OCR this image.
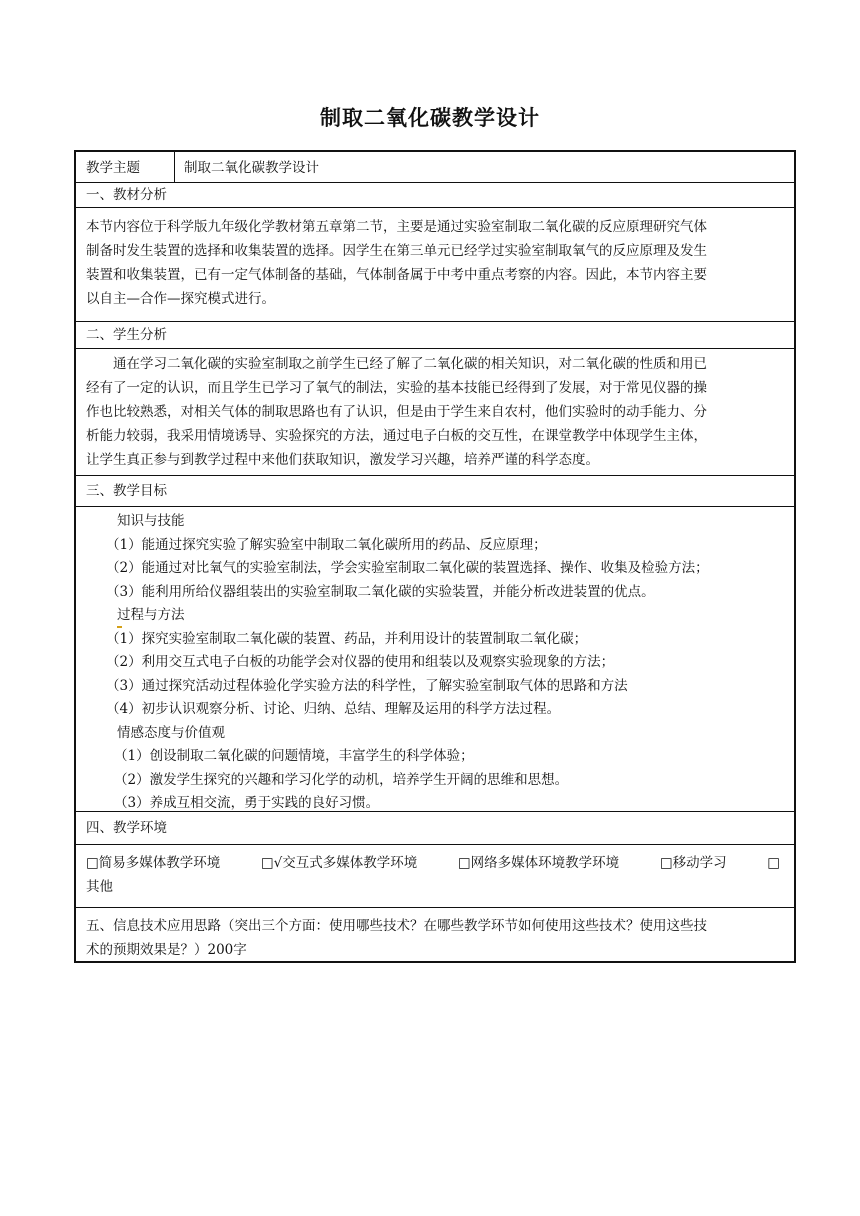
制取二氧化碳教学设计
教学主题	制取二氧化碳教学设计
一、教材分析
本节内容位于科学版九年级化学教材第五章第二节，主要是通过实验室制取二氧化碳的反应原理研究气体
制备时发生装置的选择和收集装置的选择。因学生在第三单元已经学过实验室制取氧气的反应原理及发生
装置和收集装置，已有一定气体制备的基础，气体制备属于中考中重点考察的内容。因此，本节内容主要
以自主—合作—探究模式进行。
二、学生分析
通在学习二氧化碳的实验室制取之前学生已经了解了二氧化碳的相关知识，对二氧化碳的性质和用已
经有了一定的认识，而且学生已学习了氧气的制法，实验的基本技能已经得到了发展，对于常见仪器的操
作也比较熟悉，对相关气体的制取思路也有了认识，但是由于学生来自农村，他们实验时的动手能力、分
析能力较弱，我采用情境诱导、实验探究的方法，通过电子白板的交互性，在课堂教学中体现学生主体，
让学生真正参与到教学过程中来他们获取知识，激发学习兴趣，培养严谨的科学态度。
三、教学目标
知识与技能
（1）能通过探究实验了解实验室中制取二氧化碳所用的药品、反应原理；
（2）能通过对比氧气的实验室制法，学会实验室制取二氧化碳的装置选择、操作、收集及检验方法；
（3）能利用所给仪器组装出的实验室制取二氧化碳的实验装置，并能分析改进装置的优点。
过程与方法
（1）探究实验室制取二氧化碳的装置、药品，并利用设计的装置制取二氧化碳；
（2）利用交互式电子白板的功能学会对仪器的使用和组装以及观察实验现象的方法；
（3）通过探究活动过程体验化学实验方法的科学性，了解实验室制取气体的思路和方法
（4）初步认识观察分析、讨论、归纳、总结、理解及运用的科学方法过程。
情感态度与价值观
（1）创设制取二氧化碳的问题情境，丰富学生的科学体验；
（2）激发学生探究的兴趣和学习化学的动机，培养学生开阔的思维和思想。
（3）养成互相交流，勇于实践的良好习惯。
四、教学环境
□简易多媒体教学环境	□√交互式多媒体教学环境	□网络多媒体环境教学环境	□移动学习	□
其他
五、信息技术应用思路（突出三个方面：使用哪些技术？在哪些教学环节如何使用这些技术？使用这些技
术的预期效果是？）200字
